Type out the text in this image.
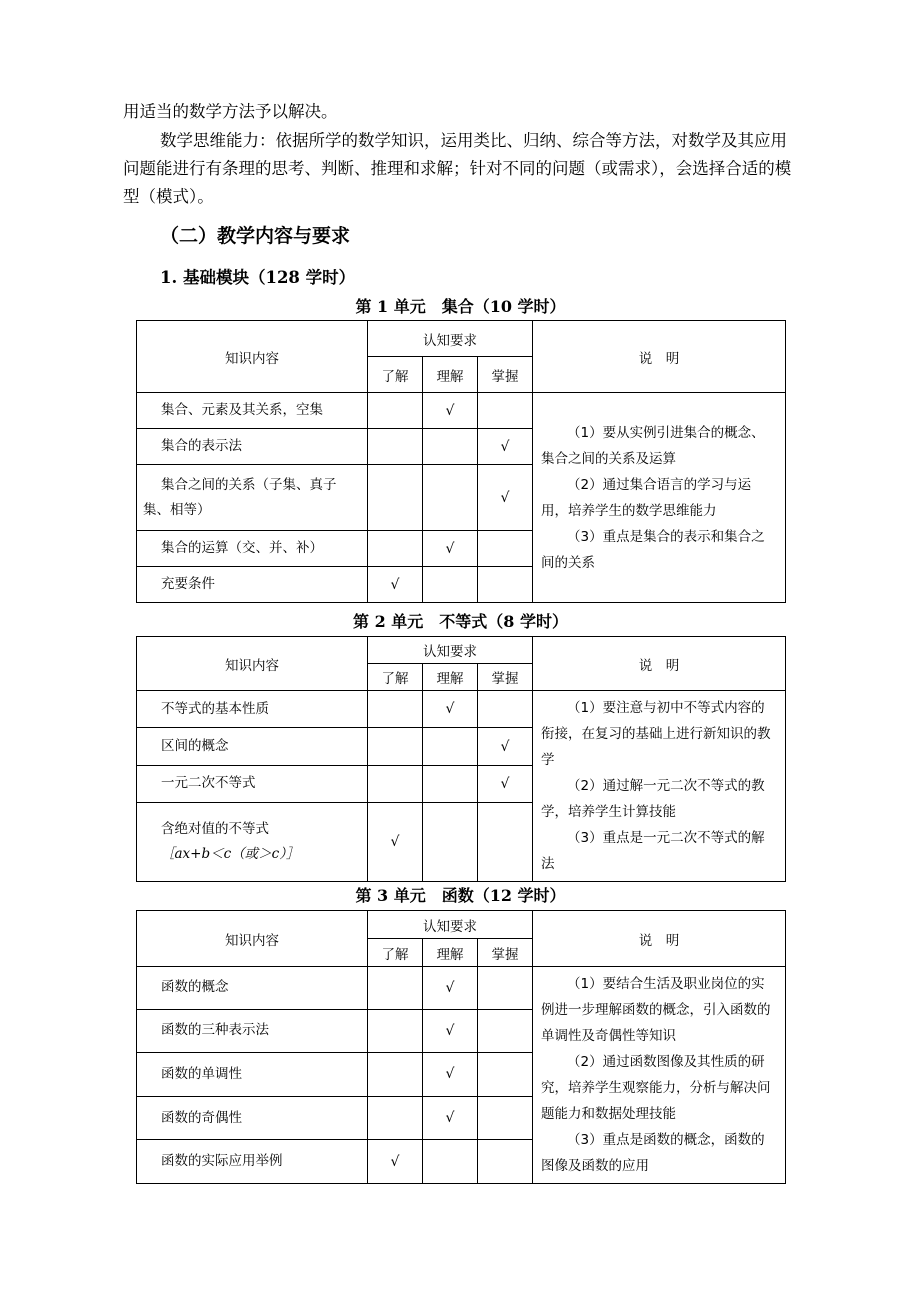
用适当的数学方法予以解决。

数学思维能力：依据所学的数学知识，运用类比、归纳、综合等方法，对数学及其应用问题能进行有条理的思考、判断、推理和求解；针对不同的问题（或需求），会选择合适的模型（模式）。

（二）教学内容与要求
1. 基础模块（128 学时）

第 1 单元　集合（10 学时）

知识内容	认知要求			说　明
	了解	理解	掌握	
集合、元素及其关系，空集		√		（1）要从实例引进集合的概念、集合之间的关系及运算

（2）通过集合语言的学习与运用，培养学生的数学思维能力

（3）重点是集合的表示和集合之间的关系

集合的表示法			√	
集合之间的关系（子集、真子集、相等）			√	
集合的运算（交、并、补）		√		
充要条件	√			

第 2 单元　不等式（8 学时）

知识内容	认知要求			说　明
	了解	理解	掌握	
不等式的基本性质		√		（1）要注意与初中不等式内容的衔接，在复习的基础上进行新知识的教学

（2）通过解一元二次不等式的教学，培养学生计算技能

（3）重点是一元二次不等式的解法

区间的概念			√	
一元二次不等式			√	

含绝对值的不等式
［ax+b＜c（或＞c）］	√			

第 3 单元　函数（12 学时）

知识内容	认知要求			说　明
	了解	理解	掌握	
函数的概念		√		（1）要结合生活及职业岗位的实例进一步理解函数的概念，引入函数的单调性及奇偶性等知识

（2）通过函数图像及其性质的研究，培养学生观察能力，分析与解决问题能力和数据处理技能

（3）重点是函数的概念，函数的图像及函数的应用

函数的三种表示法		√		
函数的单调性		√		
函数的奇偶性		√		
函数的实际应用举例	√			
